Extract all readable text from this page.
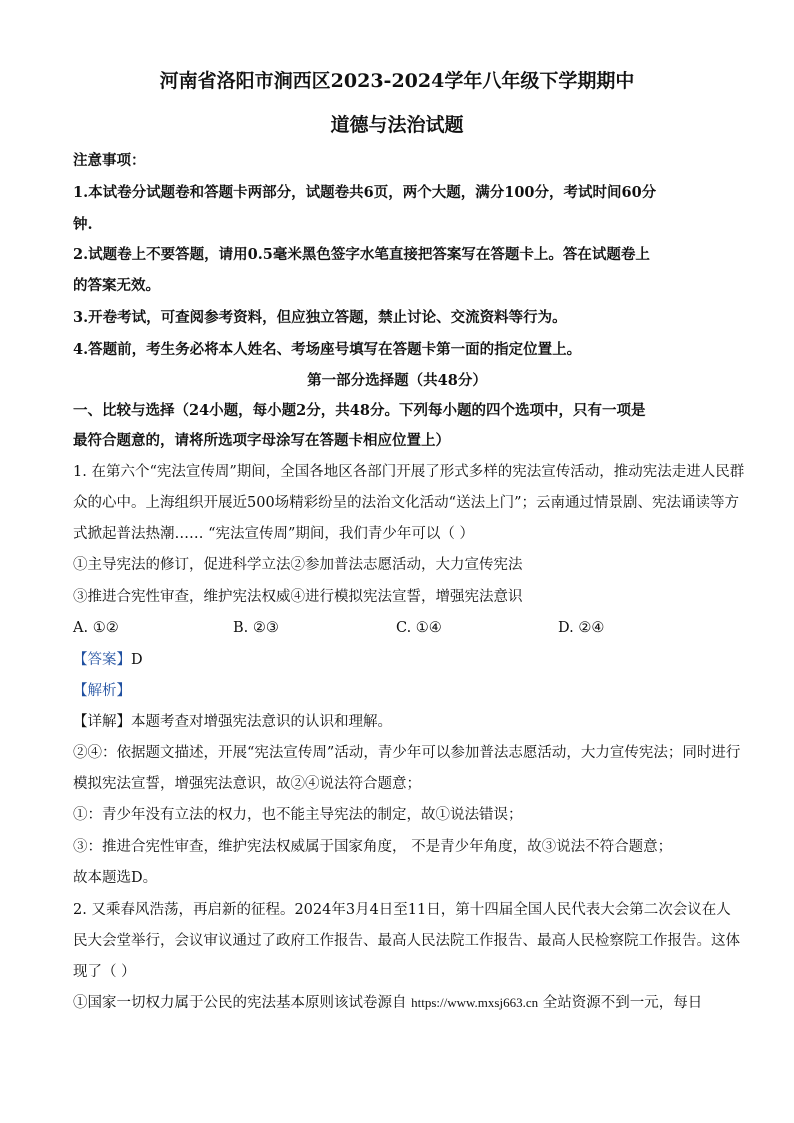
河南省洛阳市涧西区2023-2024学年八年级下学期期中
道德与法治试题
注意事项：
1.本试卷分试题卷和答题卡两部分，试题卷共6页，两个大题，满分100分，考试时间60分
钟.
2.试题卷上不要答题，请用0.5毫米黑色签字水笔直接把答案写在答题卡上。答在试题卷上
的答案无效。
3.开卷考试，可查阅参考资料，但应独立答题，禁止讨论、交流资料等行为。
4.答题前，考生务必将本人姓名、考场座号填写在答题卡第一面的指定位置上。
第一部分选择题（共48分）
一、比较与选择（24小题，每小题2分，共48分。下列每小题的四个选项中，只有一项是
最符合题意的，请将所选项字母涂写在答题卡相应位置上）
1. 在第六个“宪法宣传周”期间，全国各地区各部门开展了形式多样的宪法宣传活动，推动宪法走进人民群
众的心中。上海组织开展近500场精彩纷呈的法治文化活动“送法上门”；云南通过情景剧、宪法诵读等方
式掀起普法热潮…… “宪法宣传周”期间，我们青少年可以（ ）
①主导宪法的修订，促进科学立法②参加普法志愿活动，大力宣传宪法
③推进合宪性审查，维护宪法权威④进行模拟宪法宣誓，增强宪法意识
A. ①②	B. ②③	C. ①④	D. ②④
【答案】D
【解析】
【详解】本题考查对增强宪法意识的认识和理解。
②④：依据题文描述，开展“宪法宣传周”活动，青少年可以参加普法志愿活动，大力宣传宪法；同时进行
模拟宪法宣誓，增强宪法意识，故②④说法符合题意；
①：青少年没有立法的权力，也不能主导宪法的制定，故①说法错误；
③：推进合宪性审查，维护宪法权威属于国家角度， 不是青少年角度，故③说法不符合题意；
故本题选D。
2. 又乘春风浩荡，再启新的征程。2024年3月4日至11日，第十四届全国人民代表大会第二次会议在人
民大会堂举行，会议审议通过了政府工作报告、最高人民法院工作报告、最高人民检察院工作报告。这体
现了（ ）
①国家一切权力属于公民的宪法基本原则该试卷源自 https://www.mxsj663.cn 全站资源不到一元，每日
